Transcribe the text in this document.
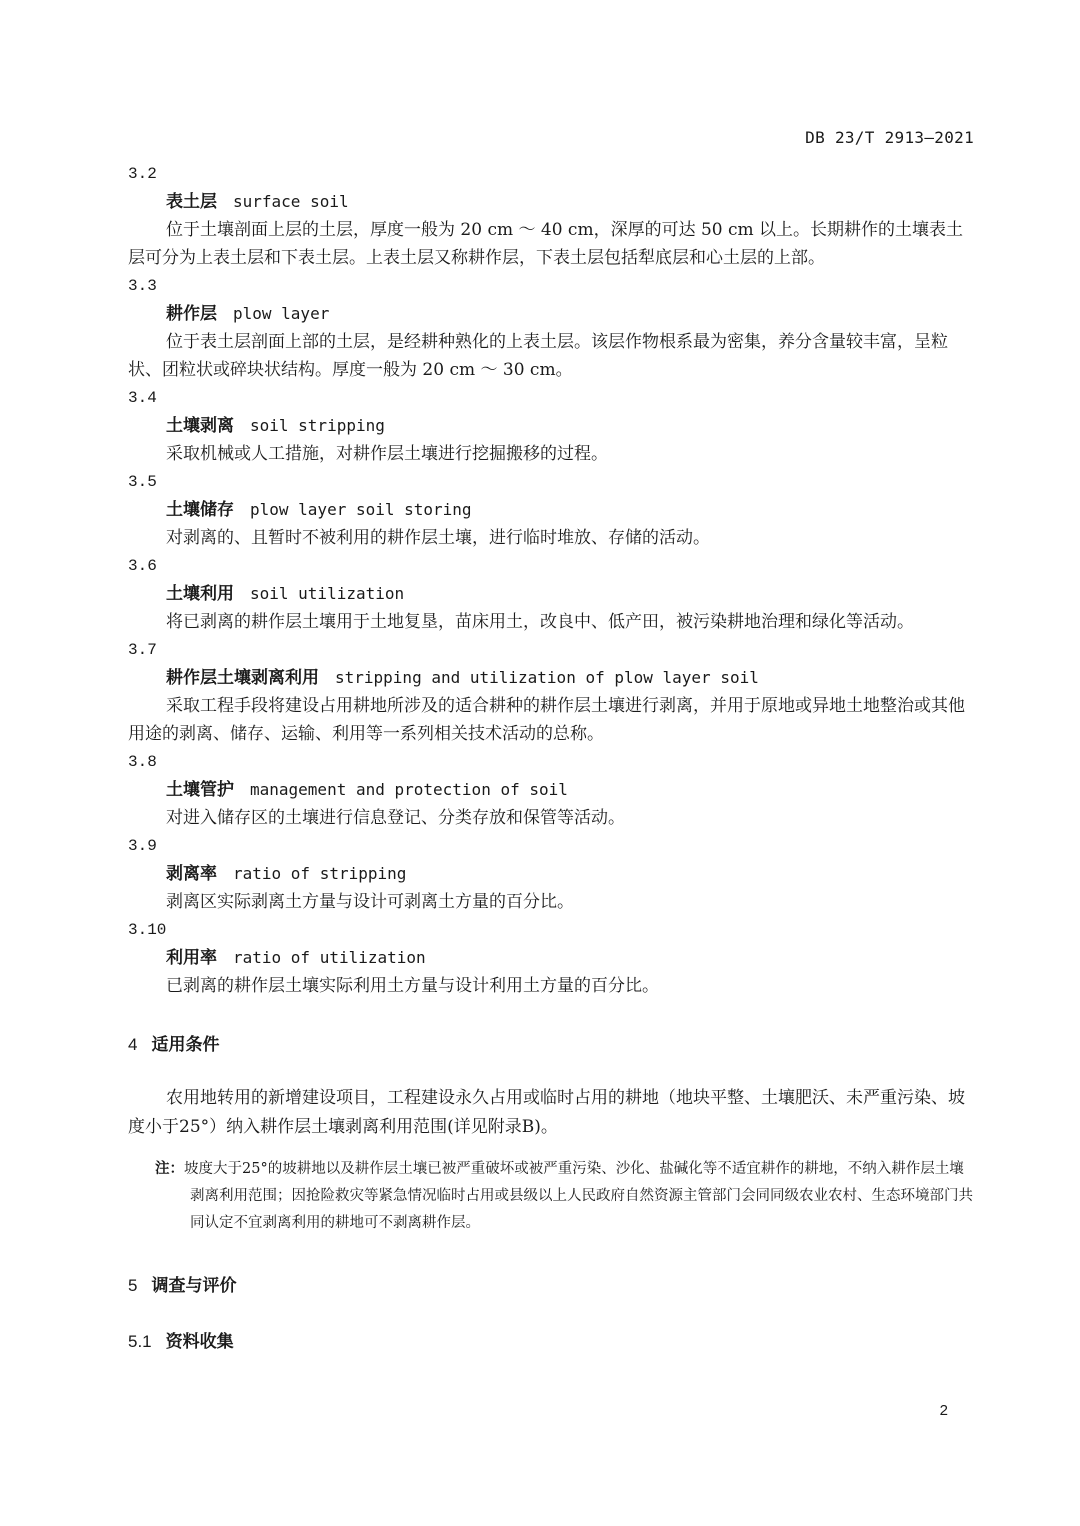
DB 23/T 2913—2021
3.2
表土层 surface soil
位于土壤剖面上层的土层，厚度一般为 20 cm ～ 40 cm，深厚的可达 50 cm 以上。长期耕作的土壤表土层可分为上表土层和下表土层。上表土层又称耕作层，下表土层包括犁底层和心土层的上部。
3.3
耕作层 plow layer
位于表土层剖面上部的土层，是经耕种熟化的上表土层。该层作物根系最为密集，养分含量较丰富，呈粒状、团粒状或碎块状结构。厚度一般为 20 cm ～ 30 cm。
3.4
土壤剥离 soil stripping
采取机械或人工措施，对耕作层土壤进行挖掘搬移的过程。
3.5
土壤储存 plow layer soil storing
对剥离的、且暂时不被利用的耕作层土壤，进行临时堆放、存储的活动。
3.6
土壤利用 soil utilization
将已剥离的耕作层土壤用于土地复垦，苗床用土，改良中、低产田，被污染耕地治理和绿化等活动。
3.7
耕作层土壤剥离利用 stripping and utilization of plow layer soil
采取工程手段将建设占用耕地所涉及的适合耕种的耕作层土壤进行剥离，并用于原地或异地土地整治或其他用途的剥离、储存、运输、利用等一系列相关技术活动的总称。
3.8
土壤管护 management and protection of soil
对进入储存区的土壤进行信息登记、分类存放和保管等活动。
3.9
剥离率 ratio of stripping
剥离区实际剥离土方量与设计可剥离土方量的百分比。
3.10
利用率 ratio of utilization
已剥离的耕作层土壤实际利用土方量与设计利用土方量的百分比。
4 适用条件
农用地转用的新增建设项目，工程建设永久占用或临时占用的耕地（地块平整、土壤肥沃、未严重污染、坡度小于25°）纳入耕作层土壤剥离利用范围(详见附录B)。
注：坡度大于25°的坡耕地以及耕作层土壤已被严重破坏或被严重污染、沙化、盐碱化等不适宜耕作的耕地，不纳入耕作层土壤剥离利用范围；因抢险救灾等紧急情况临时占用或县级以上人民政府自然资源主管部门会同同级农业农村、生态环境部门共同认定不宜剥离利用的耕地可不剥离耕作层。
5 调查与评价
5.1 资料收集
2
